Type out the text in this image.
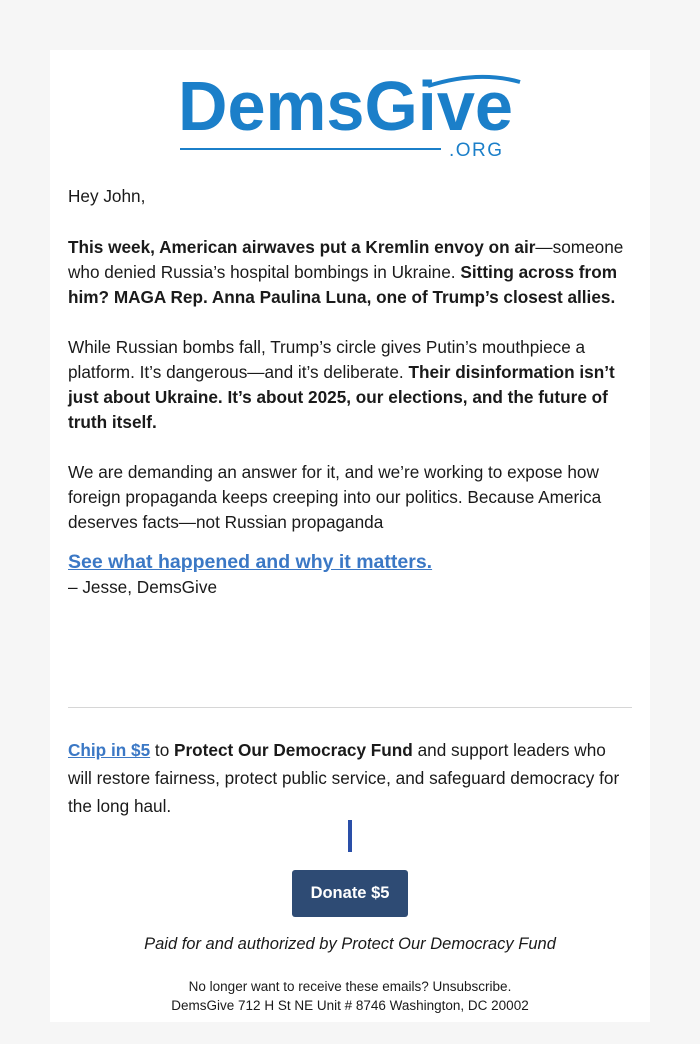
DemsGive
.ORG

Hey John,

This week, American airwaves put a Kremlin envoy on air—someone who denied Russia’s hospital bombings in Ukraine. Sitting across from him? MAGA Rep. Anna Paulina Luna, one of Trump’s closest allies.

While Russian bombs fall, Trump’s circle gives Putin’s mouthpiece a platform. It’s dangerous—and it’s deliberate. Their disinformation isn’t just about Ukraine. It’s about 2025, our elections, and the future of truth itself.

We are demanding an answer for it, and we’re working to expose how foreign propaganda keeps creeping into our politics. Because America deserves facts—not Russian propaganda

See what happened and why it matters.

– Jesse, DemsGive

Chip in $5 to Protect Our Democracy Fund and support leaders who will restore fairness, protect public service, and safeguard democracy for the long haul.

Donate $5
Paid for and authorized by Protect Our Democracy Fund
No longer want to receive these emails? Unsubscribe.
DemsGive 712 H St NE Unit # 8746 Washington, DC 20002
